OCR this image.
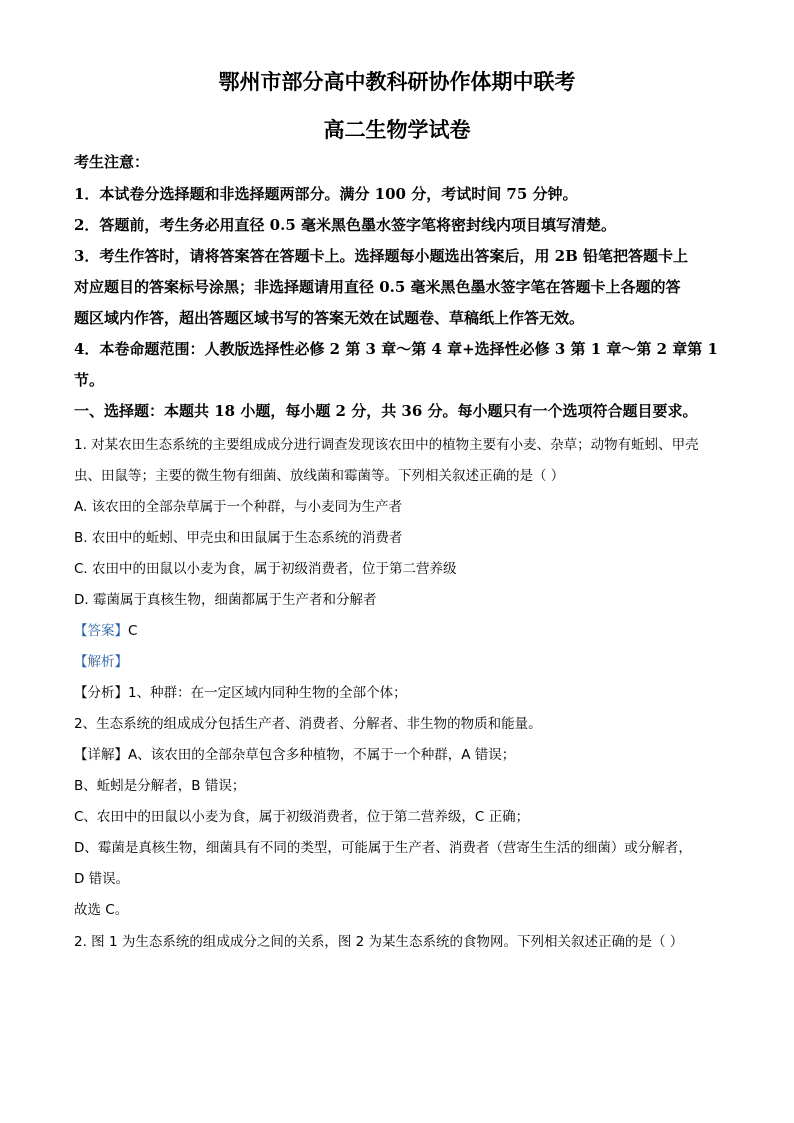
鄂州市部分高中教科研协作体期中联考
高二生物学试卷
考生注意：
1．本试卷分选择题和非选择题两部分。满分 100 分，考试时间 75 分钟。
2．答题前，考生务必用直径 0.5 毫米黑色墨水签字笔将密封线内项目填写清楚。
3．考生作答时，请将答案答在答题卡上。选择题每小题选出答案后，用 2B 铅笔把答题卡上
对应题目的答案标号涂黑；非选择题请用直径 0.5 毫米黑色墨水签字笔在答题卡上各题的答
题区域内作答，超出答题区域书写的答案无效在试题卷、草稿纸上作答无效。
4．本卷命题范围：人教版选择性必修 2 第 3 章～第 4 章+选择性必修 3 第 1 章～第 2 章第 1
节。
一、选择题：本题共 18 小题，每小题 2 分，共 36 分。每小题只有一个选项符合题目要求。
1. 对某农田生态系统的主要组成成分进行调查发现该农田中的植物主要有小麦、杂草；动物有蚯蚓、甲壳
虫、田鼠等；主要的微生物有细菌、放线菌和霉菌等。下列相关叙述正确的是（ ）
A. 该农田的全部杂草属于一个种群，与小麦同为生产者
B. 农田中的蚯蚓、甲壳虫和田鼠属于生态系统的消费者
C. 农田中的田鼠以小麦为食，属于初级消费者，位于第二营养级
D. 霉菌属于真核生物，细菌都属于生产者和分解者
【答案】C
【解析】
【分析】1、种群：在一定区域内同种生物的全部个体；
2、生态系统的组成成分包括生产者、消费者、分解者、非生物的物质和能量。
【详解】A、该农田的全部杂草包含多种植物，不属于一个种群，A 错误；
B、蚯蚓是分解者，B 错误；
C、农田中的田鼠以小麦为食，属于初级消费者，位于第二营养级，C 正确；
D、霉菌是真核生物，细菌具有不同的类型，可能属于生产者、消费者（营寄生生活的细菌）或分解者，
D 错误。
故选 C。
2. 图 1 为生态系统的组成成分之间的关系，图 2 为某生态系统的食物网。下列相关叙述正确的是（ ）
